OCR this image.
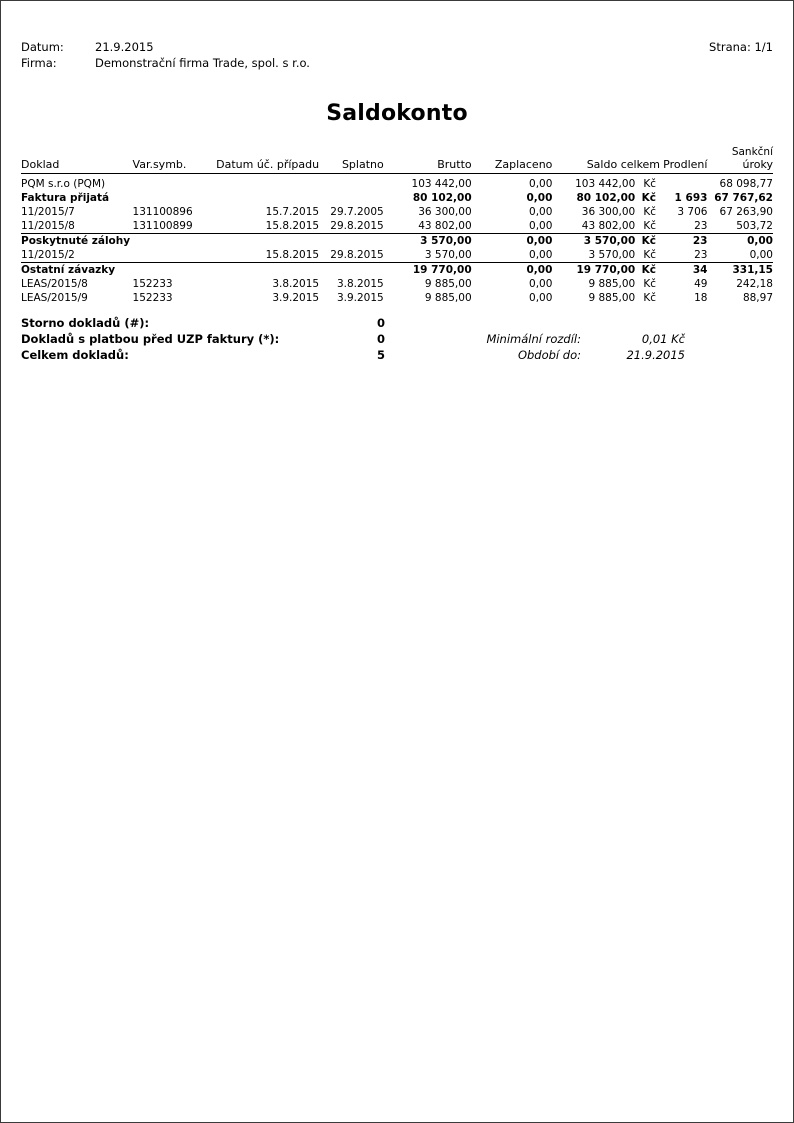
Datum:	21.9.2015	Strana: 1/1
Firma:	Demonstrační firma Trade, spol. s r.o.
Saldokonto
									Sankční
Doklad	Var.symb.	Datum úč. případu	Splatno	Brutto	Zaplaceno	Saldo celkem		Prodlení	úroky
PQM s.r.o (PQM)				103 442,00	0,00	103 442,00	Kč		68 098,77
Faktura přijatá				80 102,00	0,00	80 102,00	Kč	1 693	67 767,62
11/2015/7	131100896	15.7.2015	29.7.2005	36 300,00	0,00	36 300,00	Kč	3 706	67 263,90
11/2015/8	131100899	15.8.2015	29.8.2015	43 802,00	0,00	43 802,00	Kč	23	503,72
Poskytnuté zálohy				3 570,00	0,00	3 570,00	Kč	23	0,00
11/2015/2		15.8.2015	29.8.2015	3 570,00	0,00	3 570,00	Kč	23	0,00
Ostatní závazky				19 770,00	0,00	19 770,00	Kč	34	331,15
LEAS/2015/8	152233	3.8.2015	3.8.2015	9 885,00	0,00	9 885,00	Kč	49	242,18
LEAS/2015/9	152233	3.9.2015	3.9.2015	9 885,00	0,00	9 885,00	Kč	18	88,97
Storno dokladů (#):	0		
Dokladů s platbou před UZP faktury (*):	0	Minimální rozdíl:	0,01 Kč
Celkem dokladů:	5	Období do:	21.9.2015
